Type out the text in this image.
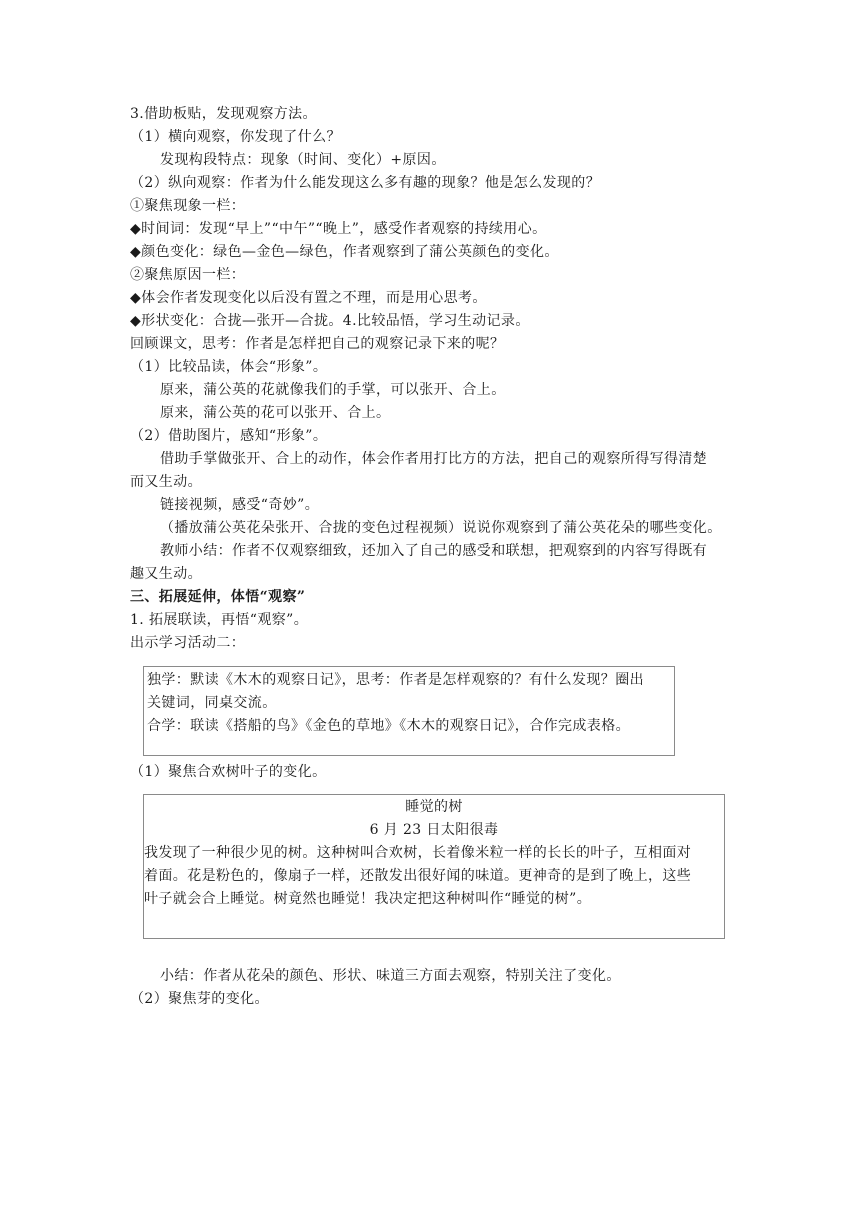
3.借助板贴，发现观察方法。
（1）横向观察，你发现了什么？
发现构段特点：现象（时间、变化）+原因。
（2）纵向观察：作者为什么能发现这么多有趣的现象？他是怎么发现的？
①聚焦现象一栏：
◆时间词：发现“早上”“中午”“晚上”，感受作者观察的持续用心。
◆颜色变化：绿色—金色—绿色，作者观察到了蒲公英颜色的变化。
②聚焦原因一栏：
◆体会作者发现变化以后没有置之不理，而是用心思考。
◆形状变化：合拢—张开—合拢。4.比较品悟，学习生动记录。
回顾课文，思考：作者是怎样把自己的观察记录下来的呢？
（1）比较品读，体会“形象”。
原来，蒲公英的花就像我们的手掌，可以张开、合上。
原来，蒲公英的花可以张开、合上。
（2）借助图片，感知“形象”。
借助手掌做张开、合上的动作，体会作者用打比方的方法，把自己的观察所得写得清楚
而又生动。
链接视频，感受“奇妙”。
（播放蒲公英花朵张开、合拢的变色过程视频）说说你观察到了蒲公英花朵的哪些变化。
教师小结：作者不仅观察细致，还加入了自己的感受和联想，把观察到的内容写得既有
趣又生动。
三、拓展延伸，体悟“观察”
1. 拓展联读，再悟“观察”。
出示学习活动二：
独学：默读《木木的观察日记》，思考：作者是怎样观察的？有什么发现？圈出
关键词，同桌交流。
合学：联读《搭船的鸟》《金色的草地》《木木的观察日记》，合作完成表格。
（1）聚焦合欢树叶子的变化。
睡觉的树
6 月 23 日太阳很毒
我发现了一种很少见的树。这种树叫合欢树，长着像米粒一样的长长的叶子，互相面对
着面。花是粉色的，像扇子一样，还散发出很好闻的味道。更神奇的是到了晚上，这些
叶子就会合上睡觉。树竟然也睡觉！我决定把这种树叫作“睡觉的树”。
小结：作者从花朵的颜色、形状、味道三方面去观察，特别关注了变化。
（2）聚焦芽的变化。
